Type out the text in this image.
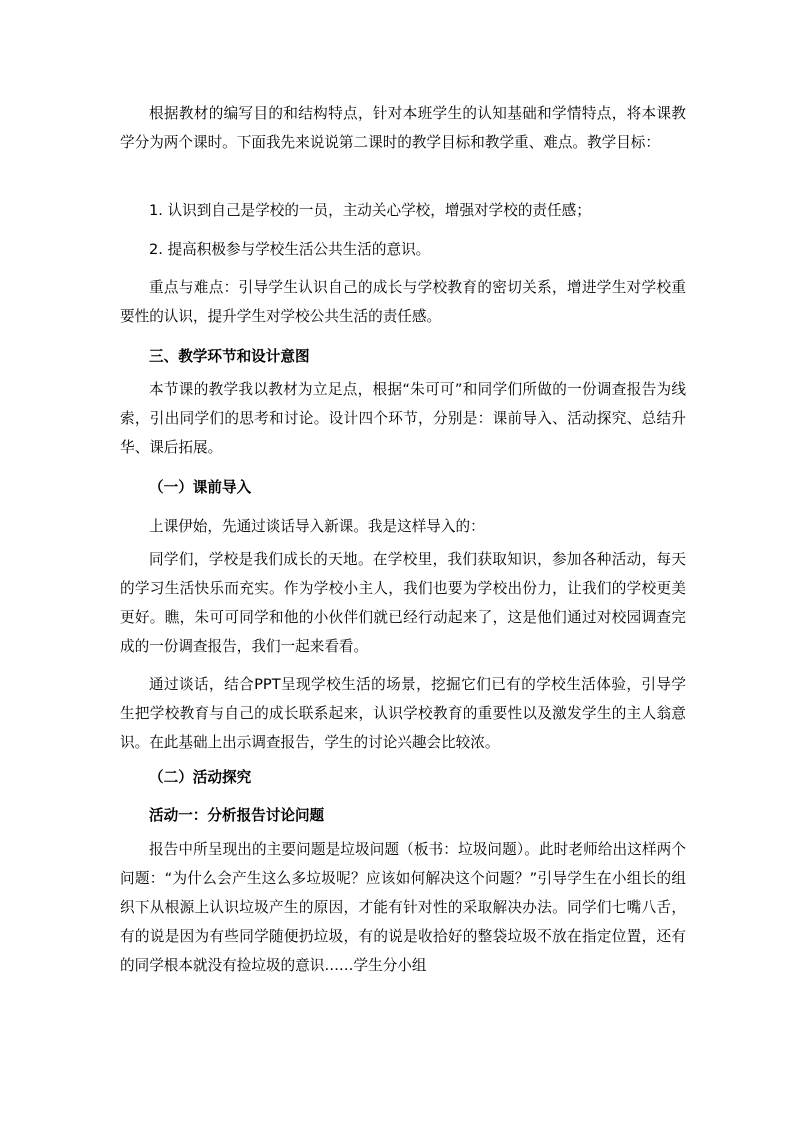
根据教材的编写目的和结构特点，针对本班学生的认知基础和学情特点，将本课教学分为两个课时。下面我先来说说第二课时的教学目标和教学重、难点。教学目标：
1. 认识到自己是学校的一员，主动关心学校，增强对学校的责任感；
2. 提高积极参与学校生活公共生活的意识。
重点与难点：引导学生认识自己的成长与学校教育的密切关系，增进学生对学校重要性的认识，提升学生对学校公共生活的责任感。
三、教学环节和设计意图
本节课的教学我以教材为立足点，根据“朱可可”和同学们所做的一份调查报告为线索，引出同学们的思考和讨论。设计四个环节，分别是：课前导入、活动探究、总结升华、课后拓展。
（一）课前导入
上课伊始，先通过谈话导入新课。我是这样导入的：
同学们，学校是我们成长的天地。在学校里，我们获取知识，参加各种活动，每天的学习生活快乐而充实。作为学校小主人，我们也要为学校出份力，让我们的学校更美更好。瞧，朱可可同学和他的小伙伴们就已经行动起来了，这是他们通过对校园调查完成的一份调查报告，我们一起来看看。
通过谈话，结合PPT呈现学校生活的场景，挖掘它们已有的学校生活体验，引导学生把学校教育与自己的成长联系起来，认识学校教育的重要性以及激发学生的主人翁意识。在此基础上出示调查报告，学生的讨论兴趣会比较浓。
（二）活动探究
活动一：分析报告讨论问题
报告中所呈现出的主要问题是垃圾问题（板书：垃圾问题）。此时老师给出这样两个问题：“为什么会产生这么多垃圾呢？应该如何解决这个问题？”引导学生在小组长的组织下从根源上认识垃圾产生的原因，才能有针对性的采取解决办法。同学们七嘴八舌，有的说是因为有些同学随便扔垃圾，有的说是收拾好的整袋垃圾不放在指定位置，还有的同学根本就没有捡垃圾的意识……学生分小组
